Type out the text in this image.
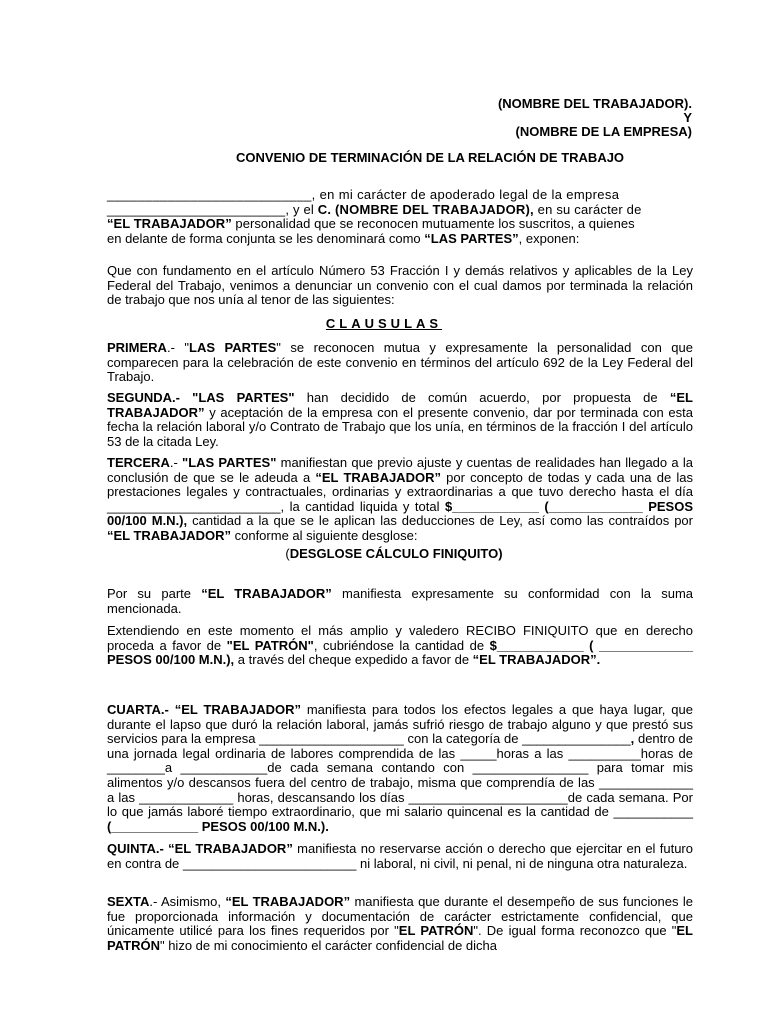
(NOMBRE DEL TRABAJADOR).
Y
(NOMBRE DE LA EMPRESA)
CONVENIO DE TERMINACIÓN DE LA RELACIÓN DE TRABAJO
___________________________, en mi carácter de apoderado legal de la empresa
________________________, y el C. (NOMBRE DEL TRABAJADOR), en su carácter de
“EL TRABAJADOR” personalidad que se reconocen mutuamente los suscritos, a quienes
en delante de forma conjunta se les denominará como “LAS PARTES”, exponen:
Que con fundamento en el artículo Número 53 Fracción I y demás relativos y aplicables de la Ley Federal del Trabajo, venimos a denunciar un convenio con el cual damos por terminada la relación de trabajo que nos unía al tenor de las siguientes:
CLAUSULAS
PRIMERA.- "LAS PARTES" se reconocen mutua y expresamente la personalidad con que comparecen para la celebración de este convenio en términos del artículo 692 de la Ley Federal del Trabajo.
SEGUNDA.- "LAS PARTES" han decidido de común acuerdo, por propuesta de “EL TRABAJADOR” y aceptación de la empresa con el presente convenio, dar por terminada con esta fecha la relación laboral y/o Contrato de Trabajo que los unía, en términos de la fracción I del artículo 53 de la citada Ley.
TERCERA.- "LAS PARTES" manifiestan que previo ajuste y cuentas de realidades han llegado a la conclusión de que se le adeuda a “EL TRABAJADOR” por concepto de todas y cada una de las prestaciones legales y contractuales, ordinarias y extraordinarias a que tuvo derecho hasta el día ________________________, la cantidad liquida y total $____________ (_____________ PESOS 00/100 M.N.), cantidad a la que se le aplican las deducciones de Ley, así como las contraídos por “EL TRABAJADOR” conforme al siguiente desglose:
(DESGLOSE CÁLCULO FINIQUITO)
Por su parte “EL TRABAJADOR” manifiesta expresamente su conformidad con la suma mencionada.
Extendiendo en este momento el más amplio y valedero RECIBO FINIQUITO que en derecho proceda a favor de "EL PATRÓN", cubriéndose la cantidad de $____________ ( _____________ PESOS 00/100 M.N.), a través del cheque expedido a favor de “EL TRABAJADOR”.
CUARTA.- “EL TRABAJADOR” manifiesta para todos los efectos legales a que haya lugar, que durante el lapso que duró la relación laboral, jamás sufrió riesgo de trabajo alguno y que prestó sus servicios para la empresa ____________________ con la categoría de _______________, dentro de una jornada legal ordinaria de labores comprendida de las _____horas a las __________horas de ________a ____________de cada semana contando con ________________ para tomar mis alimentos y/o descansos fuera del centro de trabajo, misma que comprendía de las _____________ a las _____________ horas, descansando los días ______________________de cada semana. Por lo que jamás laboré tiempo extraordinario, que mi salario quincenal es la cantidad de ___________ (____________ PESOS 00/100 M.N.).
QUINTA.- “EL TRABAJADOR” manifiesta no reservarse acción o derecho que ejercitar en el futuro en contra de ________________________ ni laboral, ni civil, ni penal, ni de ninguna otra naturaleza.
SEXTA.- Asimismo, “EL TRABAJADOR” manifiesta que durante el desempeño de sus funciones le fue proporcionada información y documentación de carácter estrictamente confidencial, que únicamente utilicé para los fines requeridos por "EL PATRÓN". De igual forma reconozco que "EL PATRÓN" hizo de mi conocimiento el carácter confidencial de dicha
